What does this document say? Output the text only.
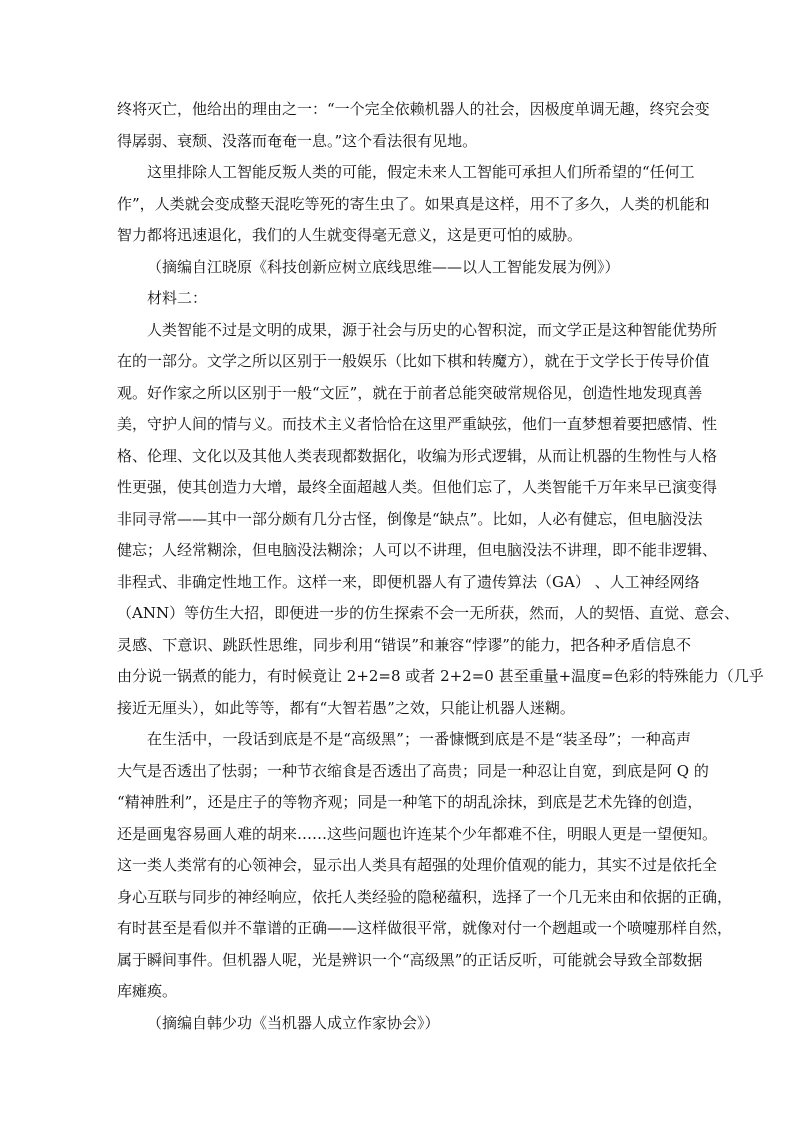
终将灭亡，他给出的理由之一：“一个完全依赖机器人的社会，因极度单调无趣，终究会变
得孱弱、衰颓、没落而奄奄一息。”这个看法很有见地。
这里排除人工智能反叛人类的可能，假定未来人工智能可承担人们所希望的“任何工
作”，人类就会变成整天混吃等死的寄生虫了。如果真是这样，用不了多久，人类的机能和
智力都将迅速退化，我们的人生就变得毫无意义，这是更可怕的威胁。
（摘编自江晓原《科技创新应树立底线思维——以人工智能发展为例》）
材料二：
人类智能不过是文明的成果，源于社会与历史的心智积淀，而文学正是这种智能优势所
在的一部分。文学之所以区别于一般娱乐（比如下棋和转魔方），就在于文学长于传导价值
观。好作家之所以区别于一般“文匠”，就在于前者总能突破常规俗见，创造性地发现真善
美，守护人间的情与义。而技术主义者恰恰在这里严重缺弦，他们一直梦想着要把感情、性
格、伦理、文化以及其他人类表现都数据化，收编为形式逻辑，从而让机器的生物性与人格
性更强，使其创造力大增，最终全面超越人类。但他们忘了，人类智能千万年来早已演变得
非同寻常——其中一部分颇有几分古怪，倒像是“缺点”。比如，人必有健忘，但电脑没法
健忘；人经常糊涂，但电脑没法糊涂；人可以不讲理，但电脑没法不讲理，即不能非逻辑、
非程式、非确定性地工作。这样一来，即便机器人有了遗传算法（GA） 、人工神经网络
（ANN）等仿生大招，即便进一步的仿生探索不会一无所获，然而，人的契悟、直觉、意会、
灵感、下意识、跳跃性思维，同步利用“错误”和兼容“悖谬”的能力，把各种矛盾信息不
由分说一锅煮的能力，有时候竟让 2+2=8 或者 2+2=0 甚至重量+温度=色彩的特殊能力（几乎
接近无厘头），如此等等，都有“大智若愚”之效，只能让机器人迷糊。
在生活中，一段话到底是不是“高级黑”；一番慷慨到底是不是“装圣母”；一种高声
大气是否透出了怯弱；一种节衣缩食是否透出了高贵；同是一种忍让自宽，到底是阿 Q 的
“精神胜利”，还是庄子的等物齐观；同是一种笔下的胡乱涂抹，到底是艺术先锋的创造，
还是画鬼容易画人难的胡来……这些问题也许连某个少年都难不住，明眼人更是一望便知。
这一类人类常有的心领神会，显示出人类具有超强的处理价值观的能力，其实不过是依托全
身心互联与同步的神经响应，依托人类经验的隐秘蕴积，选择了一个几无来由和依据的正确，
有时甚至是看似并不靠谱的正确——这样做很平常，就像对付一个趔趄或一个喷嚏那样自然，
属于瞬间事件。但机器人呢，光是辨识一个“高级黑”的正话反听，可能就会导致全部数据
库瘫痪。
（摘编自韩少功《当机器人成立作家协会》）
